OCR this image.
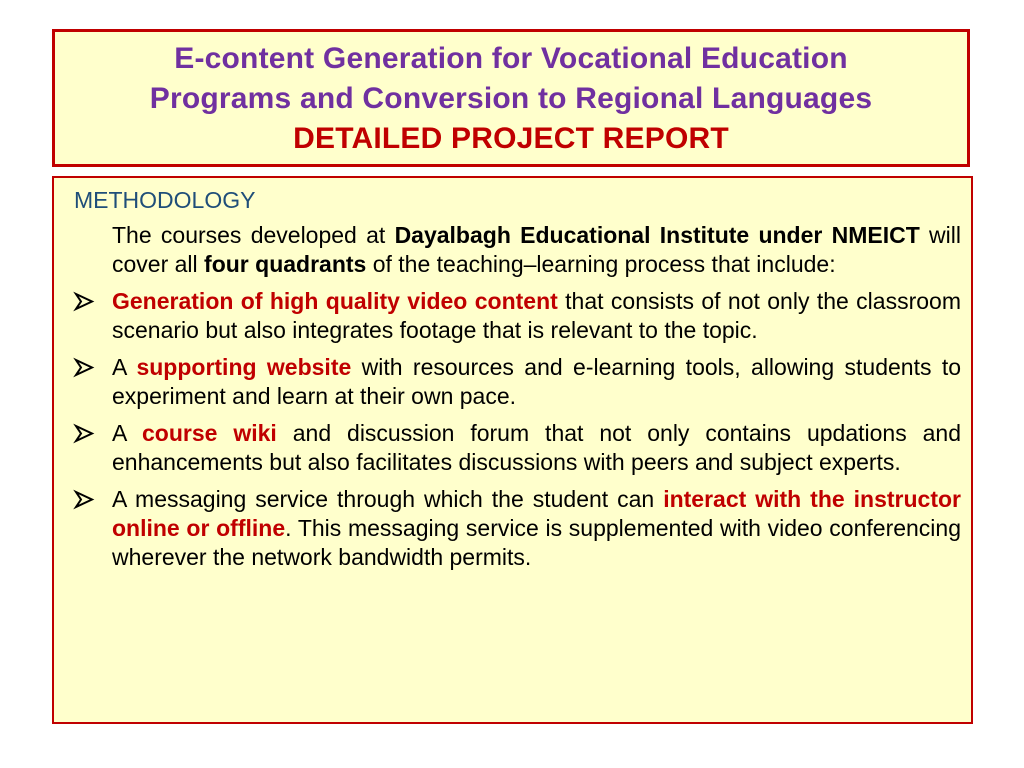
E-content Generation for Vocational Education
Programs and Conversion to Regional Languages
DETAILED PROJECT REPORT
METHODOLOGY
The courses developed at Dayalbagh Educational Institute under NMEICT will cover all four quadrants of the teaching–learning process that include:
Generation of high quality video content that consists of not only the classroom scenario but also integrates footage that is relevant to the topic.
A supporting website with resources and e-learning tools, allowing students to experiment and learn at their own pace.
A course wiki and discussion forum that not only contains updations and enhancements but also facilitates discussions with peers and subject experts.
A messaging service through which the student can interact with the instructor online or offline. This messaging service is supplemented with video conferencing wherever the network bandwidth permits.
